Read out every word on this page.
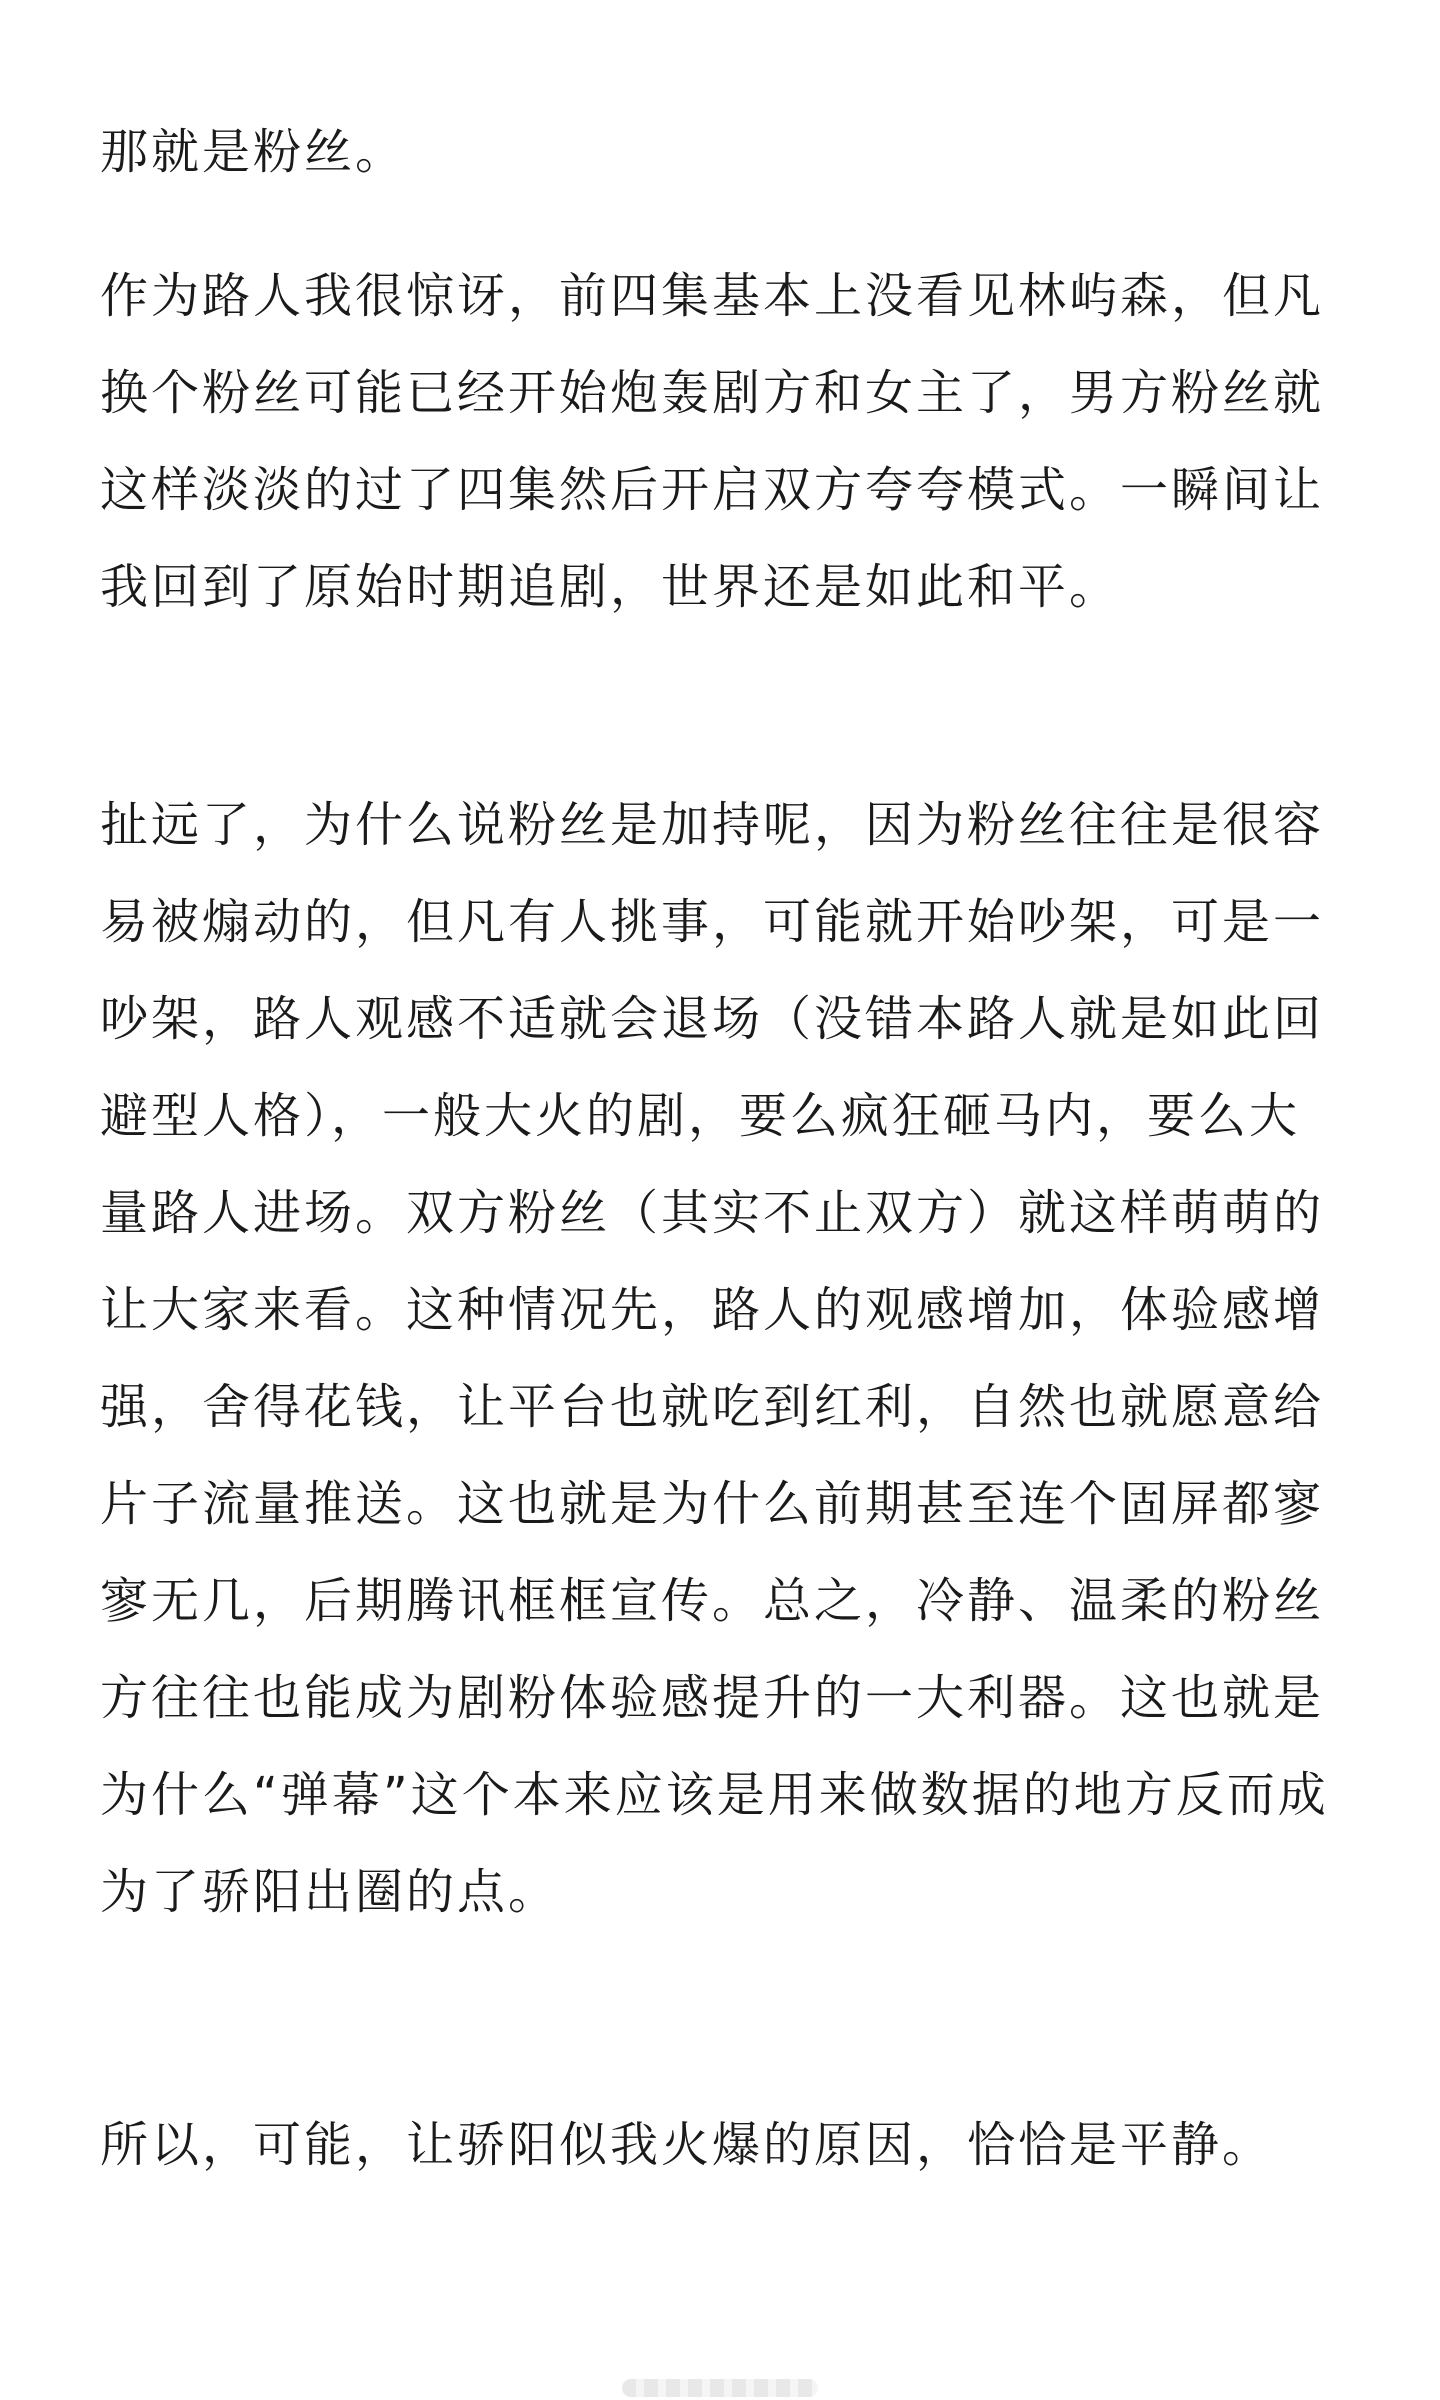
那就是粉丝。

作为路人我很惊讶，前四集基本上没看见林屿森，但凡换个粉丝可能已经开始炮轰剧方和女主了，男方粉丝就这样淡淡的过了四集然后开启双方夸夸模式。一瞬间让我回到了原始时期追剧，世界还是如此和平。

扯远了，为什么说粉丝是加持呢，因为粉丝往往是很容易被煽动的，但凡有人挑事，可能就开始吵架，可是一吵架，路人观感不适就会退场（没错本路人就是如此回避型人格），一般大火的剧，要么疯狂砸马内，要么大量路人进场。双方粉丝（其实不止双方）就这样萌萌的让大家来看。这种情况先，路人的观感增加，体验感增强，舍得花钱，让平台也就吃到红利，自然也就愿意给片子流量推送。这也就是为什么前期甚至连个固屏都寥寥无几，后期腾讯框框宣传。总之，冷静、温柔的粉丝方往往也能成为剧粉体验感提升的一大利器。这也就是为什么“弹幕”这个本来应该是用来做数据的地方反而成为了骄阳出圈的点。

所以，可能，让骄阳似我火爆的原因，恰恰是平静。
